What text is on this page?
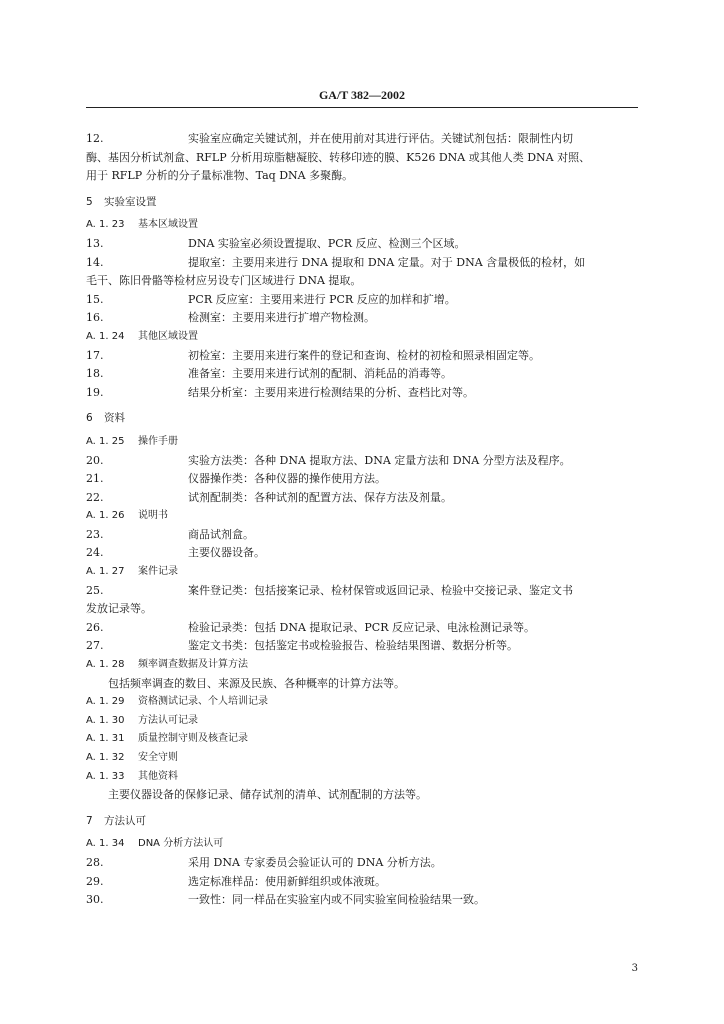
GA/T 382—2002
12.	实验室应确定关键试剂，并在使用前对其进行评估。关键试剂包括：限制性内切
酶、基因分析试剂盒、RFLP 分析用琼脂糖凝胶、转移印迹的膜、K526 DNA 或其他人类 DNA 对照、
用于 RFLP 分析的分子量标准物、Taq DNA 多聚酶。
5 实验室设置
A. 1. 23 基本区域设置
13.	DNA 实验室必须设置提取、PCR 反应、检测三个区域。
14.	提取室：主要用来进行 DNA 提取和 DNA 定量。对于 DNA 含量极低的检材，如
毛干、陈旧骨骼等检材应另设专门区域进行 DNA 提取。
15.	PCR 反应室：主要用来进行 PCR 反应的加样和扩增。
16.	检测室：主要用来进行扩增产物检测。
A. 1. 24 其他区域设置
17.	初检室：主要用来进行案件的登记和查询、检材的初检和照录相固定等。
18.	准备室：主要用来进行试剂的配制、消耗品的消毒等。
19.	结果分析室：主要用来进行检测结果的分析、查档比对等。
6 资料
A. 1. 25 操作手册
20.	实验方法类：各种 DNA 提取方法、DNA 定量方法和 DNA 分型方法及程序。
21.	仪器操作类：各种仪器的操作使用方法。
22.	试剂配制类：各种试剂的配置方法、保存方法及剂量。
A. 1. 26 说明书
23.	商品试剂盒。
24.	主要仪器设备。
A. 1. 27 案件记录
25.	案件登记类：包括接案记录、检材保管或返回记录、检验中交接记录、鉴定文书
发放记录等。
26.	检验记录类：包括 DNA 提取记录、PCR 反应记录、电泳检测记录等。
27.	鉴定文书类：包括鉴定书或检验报告、检验结果图谱、数据分析等。
A. 1. 28 频率调查数据及计算方法
包括频率调查的数目、来源及民族、各种概率的计算方法等。
A. 1. 29 资格测试记录、个人培训记录
A. 1. 30 方法认可记录
A. 1. 31 质量控制守则及核查记录
A. 1. 32 安全守则
A. 1. 33 其他资料
主要仪器设备的保修记录、储存试剂的清单、试剂配制的方法等。
7 方法认可
A. 1. 34 DNA 分析方法认可
28.	采用 DNA 专家委员会验证认可的 DNA 分析方法。
29.	选定标准样品：使用新鲜组织或体液斑。
30.	一致性：同一样品在实验室内或不同实验室间检验结果一致。
3
